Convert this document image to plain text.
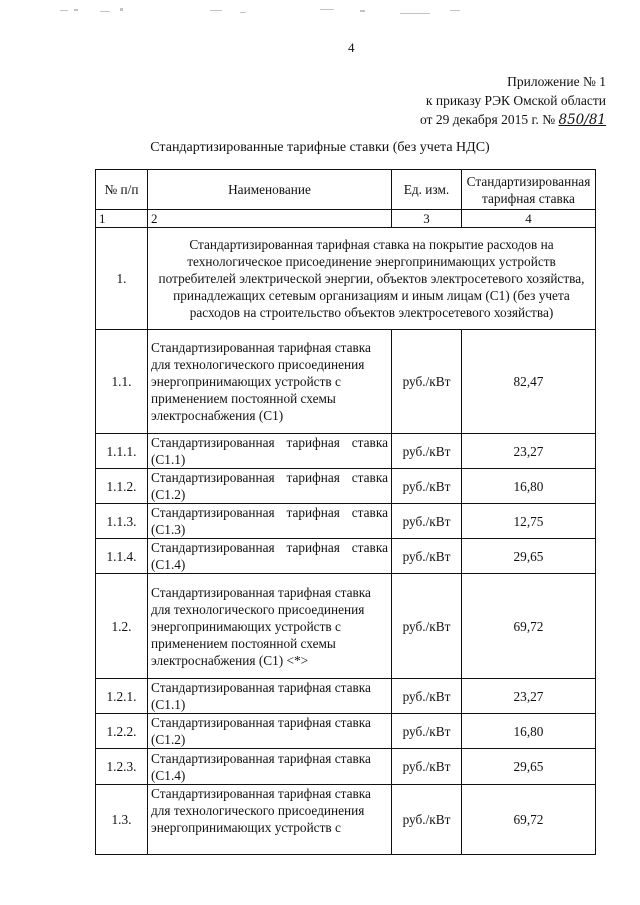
4
Приложение № 1
к приказу РЭК Омской области
от 29 декабря 2015 г. № 850/81
Стандартизированные тарифные ставки (без учета НДС)
№ п/п	Наименование	Ед. изм.	Стандартизированная тарифная ставка
1	2	3	4
1.	Стандартизированная тарифная ставка на покрытие расходов на технологическое присоединение энергопринимающих устройств потребителей электрической энергии, объектов электросетевого хозяйства, принадлежащих сетевым организациям и иным лицам (С1) (без учета расходов на строительство объектов электросетевого хозяйства)		
1.1.	Стандартизированная тарифная ставка для технологического присоединения энергопринимающих устройств с применением постоянной схемы электроснабжения (С1)	руб./кВт	82,47
1.1.1.	Стандартизированная тарифная ставка (С1.1)	руб./кВт	23,27
1.1.2.	Стандартизированная тарифная ставка (С1.2)	руб./кВт	16,80
1.1.3.	Стандартизированная тарифная ставка (С1.3)	руб./кВт	12,75
1.1.4.	Стандартизированная тарифная ставка (С1.4)	руб./кВт	29,65
1.2.	Стандартизированная тарифная ставка для технологического присоединения энергопринимающих устройств с применением постоянной схемы электроснабжения (С1) <*>	руб./кВт	69,72
1.2.1.	Стандартизированная тарифная ставка (С1.1)	руб./кВт	23,27
1.2.2.	Стандартизированная тарифная ставка (С1.2)	руб./кВт	16,80
1.2.3.	Стандартизированная тарифная ставка (С1.4)	руб./кВт	29,65
1.3.	Стандартизированная тарифная ставка для технологического присоединения энергопринимающих устройств с	руб./кВт	69,72
